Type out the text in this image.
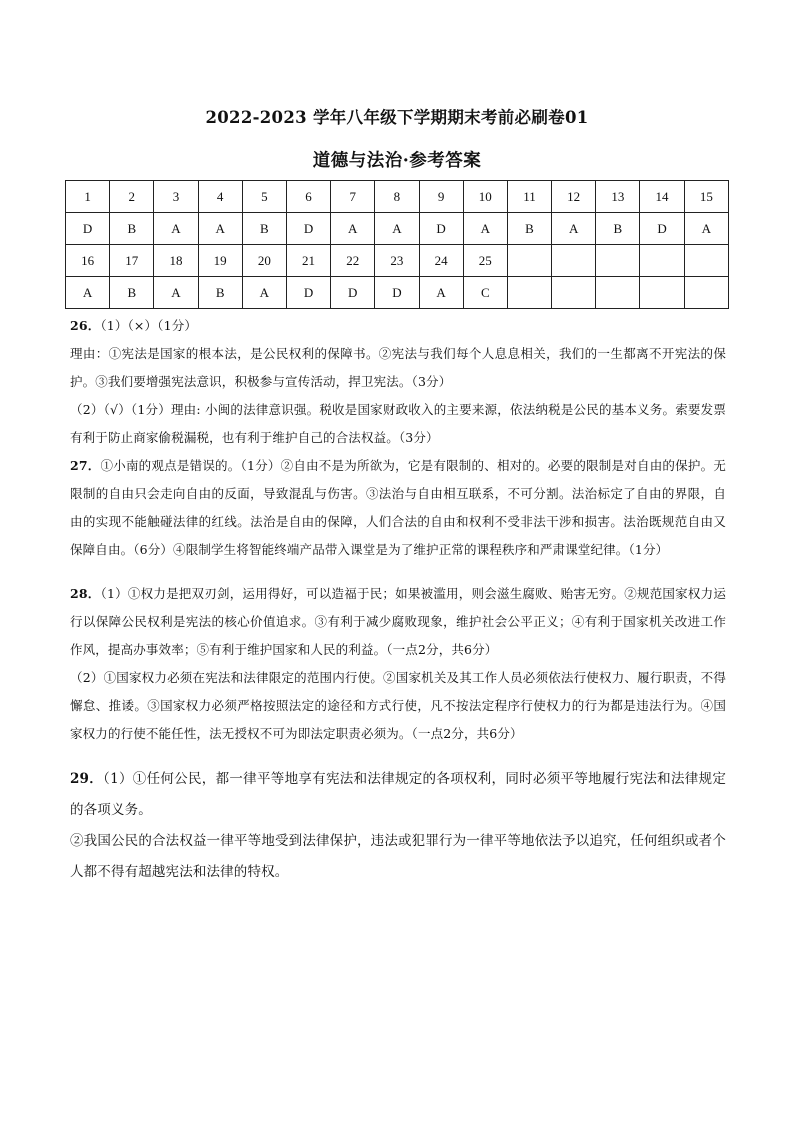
2022-2023 学年八年级下学期期末考前必刷卷01
道德与法治·参考答案
1	2	3	4	5	6	7	8	9	10	11	12	13	14	15
D	B	A	A	B	D	A	A	D	A	B	A	B	D	A
16	17	18	19	20	21	22	23	24	25					
A	B	A	B	A	D	D	D	A	C					

26．（1）（×）（1分）

理由：①宪法是国家的根本法，是公民权利的保障书。②宪法与我们每个人息息相关，我们的一生都离不开宪法的保护。③我们要增强宪法意识，积极参与宣传活动，捍卫宪法。（3分）

（2）（√）（1分）理由: 小闽的法律意识强。税收是国家财政收入的主要来源，依法纳税是公民的基本义务。索要发票有利于防止商家偷税漏税，也有利于维护自己的合法权益。（3分）

27．①小南的观点是错误的。（1分）②自由不是为所欲为，它是有限制的、相对的。必要的限制是对自由的保护。无限制的自由只会走向自由的反面，导致混乱与伤害。③法治与自由相互联系，不可分割。法治标定了自由的界限，自由的实现不能触碰法律的红线。法治是自由的保障，人们合法的自由和权利不受非法干涉和损害。法治既规范自由又保障自由。（6分）④限制学生将智能终端产品带入课堂是为了维护正常的课程秩序和严肃课堂纪律。（1分）

28．（1）①权力是把双刃剑，运用得好，可以造福于民；如果被滥用，则会滋生腐败、贻害无穷。②规范国家权力运行以保障公民权利是宪法的核心价值追求。③有利于减少腐败现象，维护社会公平正义；④有利于国家机关改进工作作风，提高办事效率；⑤有利于维护国家和人民的利益。（一点2分，共6分）

（2）①国家权力必须在宪法和法律限定的范围内行使。②国家机关及其工作人员必须依法行使权力、履行职责，不得懈怠、推诿。③国家权力必须严格按照法定的途径和方式行使，凡不按法定程序行使权力的行为都是违法行为。④国家权力的行使不能任性，法无授权不可为即法定职责必须为。（一点2分，共6分）

29．（1）①任何公民，都一律平等地享有宪法和法律规定的各项权利，同时必须平等地履行宪法和法律规定的各项义务。

②我国公民的合法权益一律平等地受到法律保护，违法或犯罪行为一律平等地依法予以追究，任何组织或者个人都不得有超越宪法和法律的特权。
